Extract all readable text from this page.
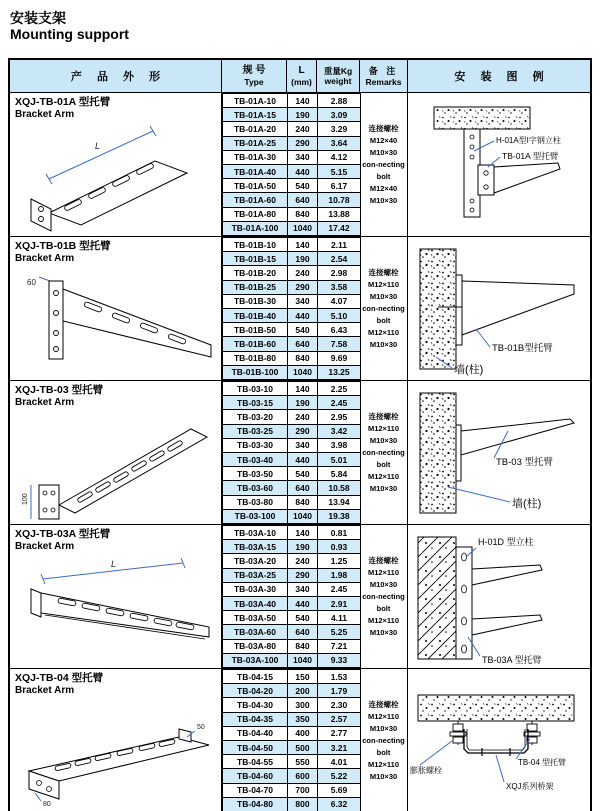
安装支架
Mounting support
产 品 外 形
规 号
Type
L
(mm)
重量Kg
weight
备 注
Remarks	安 装 图 例
XQJ-TB-01A 型托臂
Bracket Arm
L
TB-01A-10	140	2.88
TB-01A-15	190	3.09
TB-01A-20	240	3.29
TB-01A-25	290	3.64
TB-01A-30	340	4.12
TB-01A-40	440	5.15
TB-01A-50	540	6.17
TB-01A-60	640	10.78
TB-01A-80	840	13.88
TB-01A-100	1040	17.42
连接螺栓
M12×40
M10×30
con-necting
bolt
M12×40
M10×30
H-01A型I字钢立柱
TB-01A 型托臂
XQJ-TB-01B 型托臂
Bracket Arm
60
TB-01B-10	140	2.11
TB-01B-15	190	2.54
TB-01B-20	240	2.98
TB-01B-25	290	3.58
TB-01B-30	340	4.07
TB-01B-40	440	5.10
TB-01B-50	540	6.43
TB-01B-60	640	7.58
TB-01B-80	840	9.69
TB-01B-100	1040	13.25
连接螺栓
M12×110
M10×30
con-necting
bolt
M12×110
M10×30	TB-01B型托臂
墙(柱)
XQJ-TB-03 型托臂
Bracket Arm
100
TB-03-10	140	2.25
TB-03-15	190	2.45
TB-03-20	240	2.95
TB-03-25	290	3.42
TB-03-30	340	3.98
TB-03-40	440	5.01
TB-03-50	540	5.84
TB-03-60	640	10.58
TB-03-80	840	13.94
TB-03-100	1040	19.38
连接螺栓
M12×110
M10×30
con-necting
bolt
M12×110
M10×30
TB-03 型托臂
墙(柱)
XQJ-TB-03A 型托臂
Bracket Arm
L
TB-03A-10	140	0.81
TB-03A-15	190	0.93
TB-03A-20	240	1.25
TB-03A-25	290	1.98
TB-03A-30	340	2.45
TB-03A-40	440	2.91
TB-03A-50	540	4.11
TB-03A-60	640	5.25
TB-03A-80	840	7.21
TB-03A-100	1040	9.33
连接螺栓
M12×110
M10×30
con-necting
bolt
M12×110
M10×30
H-01D 型立柱
TB-03A 型托臂
XQJ-TB-04 型托臂
Bracket Arm
50
80
TB-04-15	150	1.53
TB-04-20	200	1.79
TB-04-30	300	2.30
TB-04-35	350	2.57
TB-04-40	400	2.77
TB-04-50	500	3.21
TB-04-55	550	4.01
TB-04-60	600	5.22
TB-04-70	700	5.69
TB-04-80	800	6.32
连接螺栓
M12×110
M10×30
con-necting
bolt
M12×110
M10×30
膨胀螺栓
TB-04 型托臂
XQJ系列桥架
